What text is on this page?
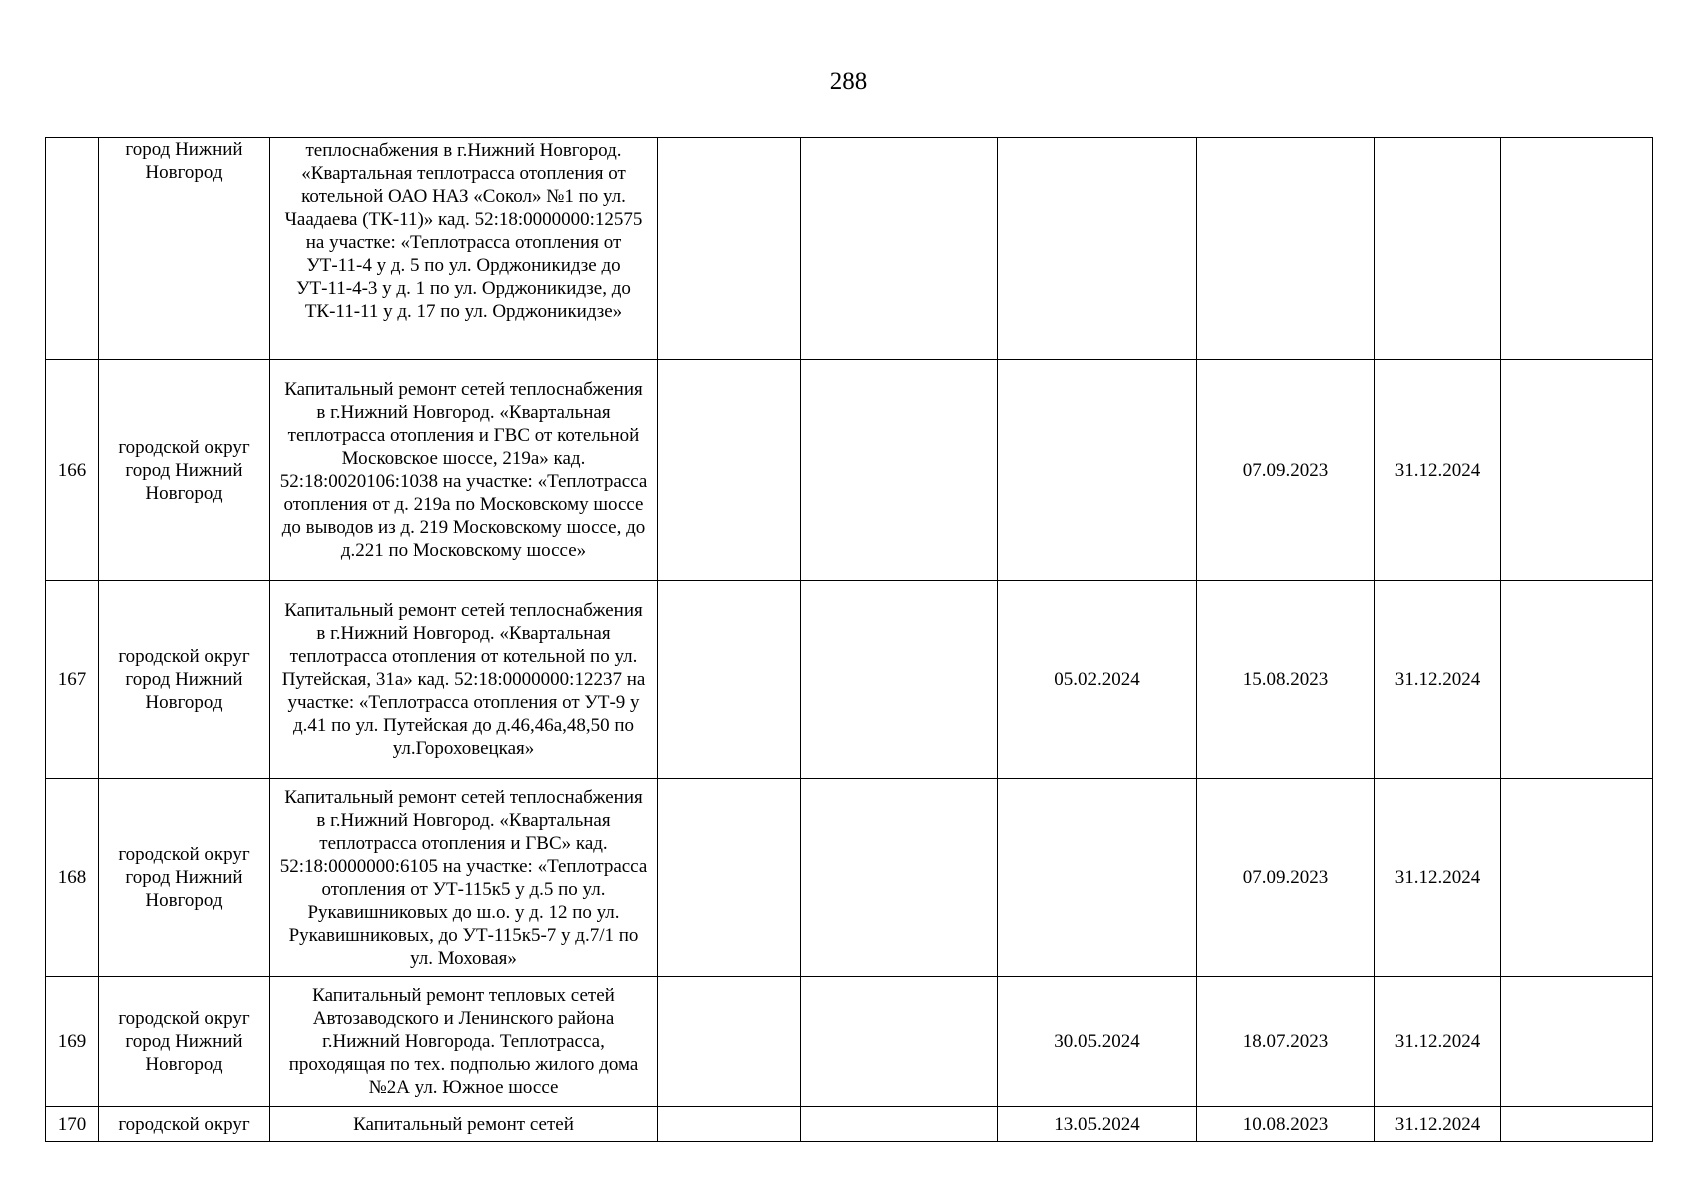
288
	город Нижний Новгород	теплоснабжения в г.Нижний Новгород. «Квартальная теплотрасса отопления от котельной ОАО НАЗ «Сокол» №1 по ул. Чаадаева (ТК-11)» кад. 52:18:0000000:12575 на участке: «Теплотрасса отопления от УТ-11-4 у д. 5 по ул. Орджоникидзе до УТ-11-4-3 у д. 1 по ул. Орджоникидзе, до ТК-11-11 у д. 17 по ул. Орджоникидзе»						
166	городской округ город Нижний Новгород	Капитальный ремонт сетей теплоснабжения в г.Нижний Новгород. «Квартальная теплотрасса отопления и ГВС от котельной Московское шоссе, 219а» кад. 52:18:0020106:1038 на участке: «Теплотрасса отопления от д. 219а по Московскому шоссе до выводов из д. 219 Московскому шоссе, до д.221 по Московскому шоссе»				07.09.2023	31.12.2024	
167	городской округ город Нижний Новгород	Капитальный ремонт сетей теплоснабжения в г.Нижний Новгород. «Квартальная теплотрасса отопления от котельной по ул. Путейская, 31а» кад. 52:18:0000000:12237 на участке: «Теплотрасса отопления от УТ-9 у д.41 по ул. Путейская до д.46,46а,48,50 по ул.Гороховецкая»			05.02.2024	15.08.2023	31.12.2024	
168	городской округ город Нижний Новгород	Капитальный ремонт сетей теплоснабжения в г.Нижний Новгород. «Квартальная теплотрасса отопления и ГВС» кад. 52:18:0000000:6105 на участке: «Теплотрасса отопления от УТ-115к5 у д.5 по ул. Рукавишниковых до ш.о. у д. 12 по ул. Рукавишниковых, до УТ-115к5-7 у д.7/1 по ул. Моховая»				07.09.2023	31.12.2024	
169	городской округ город Нижний Новгород	Капитальный ремонт тепловых сетей Автозаводского и Ленинского района г.Нижний Новгорода. Теплотрасса, проходящая по тех. подполью жилого дома №2А ул. Южное шоссе			30.05.2024	18.07.2023	31.12.2024	
170	городской округ	Капитальный ремонт сетей			13.05.2024	10.08.2023	31.12.2024	
